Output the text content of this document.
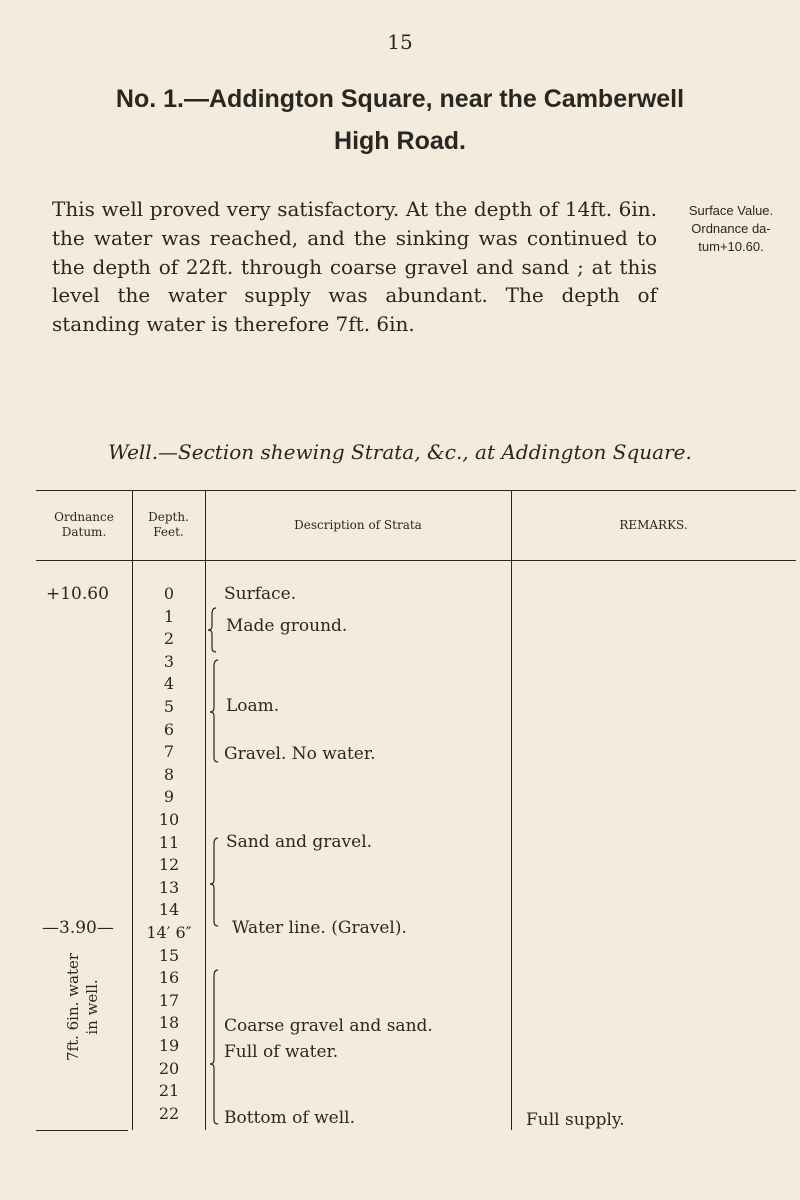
15
No. 1.—Addington Square, near the Camberwell
High Road.
This well proved very satisfactory. At the depth of 14ft. 6in. the water was reached, and the sinking was continued to the depth of 22ft. through coarse gravel and sand ; at this level the water supply was abundant. The depth of standing water is therefore 7ft. 6in.
Surface Value.
Ordnance da-
tum+10.60.
Well.—Section shewing Strata, &c., at Addington Square.
Ordnance
Datum.
Depth.
Feet.	Description of Strata	REMARKS.
0
1
2
3
4
5
6
7
8
9
10
11
12
13
14
14′ 6″
15
16
17
18
19
20
21
22
Surface.
Made ground.
Loam.
Gravel. No water.
Sand and gravel.
Water line. (Gravel).
Coarse gravel and sand.
Full of water.
Bottom of well.
+10.60
—3.90—
7ft. 6in. water in well.
Full supply.
